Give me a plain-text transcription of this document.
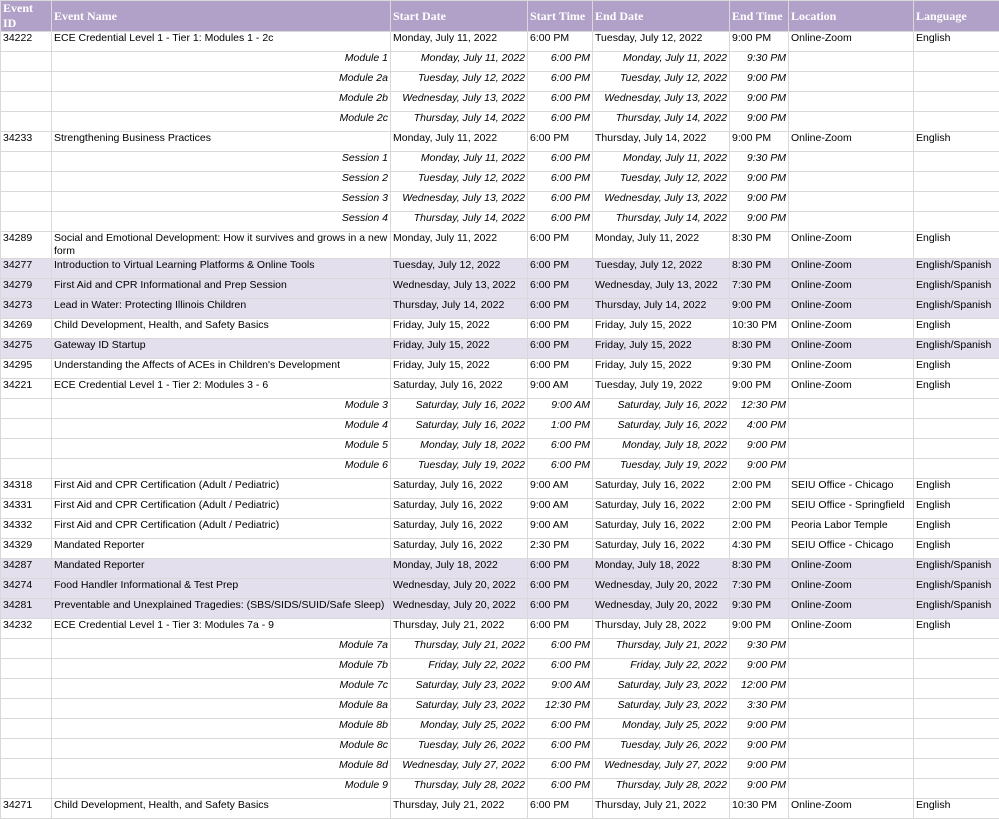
Event ID	Event Name	Start Date	Start Time	End Date	End Time	Location	Language
34222	ECE Credential Level 1 - Tier 1: Modules 1 - 2c	Monday, July 11, 2022	6:00 PM	Tuesday, July 12, 2022	9:00 PM	Online-Zoom	English
	Module 1	Monday, July 11, 2022	6:00 PM	Monday, July 11, 2022	9:30 PM		
	Module 2a	Tuesday, July 12, 2022	6:00 PM	Tuesday, July 12, 2022	9:00 PM		
	Module 2b	Wednesday, July 13, 2022	6:00 PM	Wednesday, July 13, 2022	9:00 PM		
	Module 2c	Thursday, July 14, 2022	6:00 PM	Thursday, July 14, 2022	9:00 PM		
34233	Strengthening Business Practices	Monday, July 11, 2022	6:00 PM	Thursday, July 14, 2022	9:00 PM	Online-Zoom	English
	Session 1	Monday, July 11, 2022	6:00 PM	Monday, July 11, 2022	9:30 PM		
	Session 2	Tuesday, July 12, 2022	6:00 PM	Tuesday, July 12, 2022	9:00 PM		
	Session 3	Wednesday, July 13, 2022	6:00 PM	Wednesday, July 13, 2022	9:00 PM		
	Session 4	Thursday, July 14, 2022	6:00 PM	Thursday, July 14, 2022	9:00 PM		
34289	Social and Emotional Development: How it survives and grows in a new form	Monday, July 11, 2022	6:00 PM	Monday, July 11, 2022	8:30 PM	Online-Zoom	English
34277	Introduction to Virtual Learning Platforms & Online Tools	Tuesday, July 12, 2022	6:00 PM	Tuesday, July 12, 2022	8:30 PM	Online-Zoom	English/Spanish
34279	First Aid and CPR Informational and Prep Session	Wednesday, July 13, 2022	6:00 PM	Wednesday, July 13, 2022	7:30 PM	Online-Zoom	English/Spanish
34273	Lead in Water: Protecting Illinois Children	Thursday, July 14, 2022	6:00 PM	Thursday, July 14, 2022	9:00 PM	Online-Zoom	English/Spanish
34269	Child Development, Health, and Safety Basics	Friday, July 15, 2022	6:00 PM	Friday, July 15, 2022	10:30 PM	Online-Zoom	English
34275	Gateway ID Startup	Friday, July 15, 2022	6:00 PM	Friday, July 15, 2022	8:30 PM	Online-Zoom	English/Spanish
34295	Understanding the Affects of ACEs in Children's Development	Friday, July 15, 2022	6:00 PM	Friday, July 15, 2022	9:30 PM	Online-Zoom	English
34221	ECE Credential Level 1 - Tier 2: Modules 3 - 6	Saturday, July 16, 2022	9:00 AM	Tuesday, July 19, 2022	9:00 PM	Online-Zoom	English
	Module 3	Saturday, July 16, 2022	9:00 AM	Saturday, July 16, 2022	12:30 PM		
	Module 4	Saturday, July 16, 2022	1:00 PM	Saturday, July 16, 2022	4:00 PM		
	Module 5	Monday, July 18, 2022	6:00 PM	Monday, July 18, 2022	9:00 PM		
	Module 6	Tuesday, July 19, 2022	6:00 PM	Tuesday, July 19, 2022	9:00 PM		
34318	First Aid and CPR Certification (Adult / Pediatric)	Saturday, July 16, 2022	9:00 AM	Saturday, July 16, 2022	2:00 PM	SEIU Office - Chicago	English
34331	First Aid and CPR Certification (Adult / Pediatric)	Saturday, July 16, 2022	9:00 AM	Saturday, July 16, 2022	2:00 PM	SEIU Office - Springfield	English
34332	First Aid and CPR Certification (Adult / Pediatric)	Saturday, July 16, 2022	9:00 AM	Saturday, July 16, 2022	2:00 PM	Peoria Labor Temple	English
34329	Mandated Reporter	Saturday, July 16, 2022	2:30 PM	Saturday, July 16, 2022	4:30 PM	SEIU Office - Chicago	English
34287	Mandated Reporter	Monday, July 18, 2022	6:00 PM	Monday, July 18, 2022	8:30 PM	Online-Zoom	English/Spanish
34274	Food Handler Informational & Test Prep	Wednesday, July 20, 2022	6:00 PM	Wednesday, July 20, 2022	7:30 PM	Online-Zoom	English/Spanish
34281	Preventable and Unexplained Tragedies: (SBS/SIDS/SUID/Safe Sleep)	Wednesday, July 20, 2022	6:00 PM	Wednesday, July 20, 2022	9:30 PM	Online-Zoom	English/Spanish
34232	ECE Credential Level 1 - Tier 3: Modules 7a - 9	Thursday, July 21, 2022	6:00 PM	Thursday, July 28, 2022	9:00 PM	Online-Zoom	English
	Module 7a	Thursday, July 21, 2022	6:00 PM	Thursday, July 21, 2022	9:30 PM		
	Module 7b	Friday, July 22, 2022	6:00 PM	Friday, July 22, 2022	9:00 PM		
	Module 7c	Saturday, July 23, 2022	9:00 AM	Saturday, July 23, 2022	12:00 PM		
	Module 8a	Saturday, July 23, 2022	12:30 PM	Saturday, July 23, 2022	3:30 PM		
	Module 8b	Monday, July 25, 2022	6:00 PM	Monday, July 25, 2022	9:00 PM		
	Module 8c	Tuesday, July 26, 2022	6:00 PM	Tuesday, July 26, 2022	9:00 PM		
	Module 8d	Wednesday, July 27, 2022	6:00 PM	Wednesday, July 27, 2022	9:00 PM		
	Module 9	Thursday, July 28, 2022	6:00 PM	Thursday, July 28, 2022	9:00 PM		
34271	Child Development, Health, and Safety Basics	Thursday, July 21, 2022	6:00 PM	Thursday, July 21, 2022	10:30 PM	Online-Zoom	English
